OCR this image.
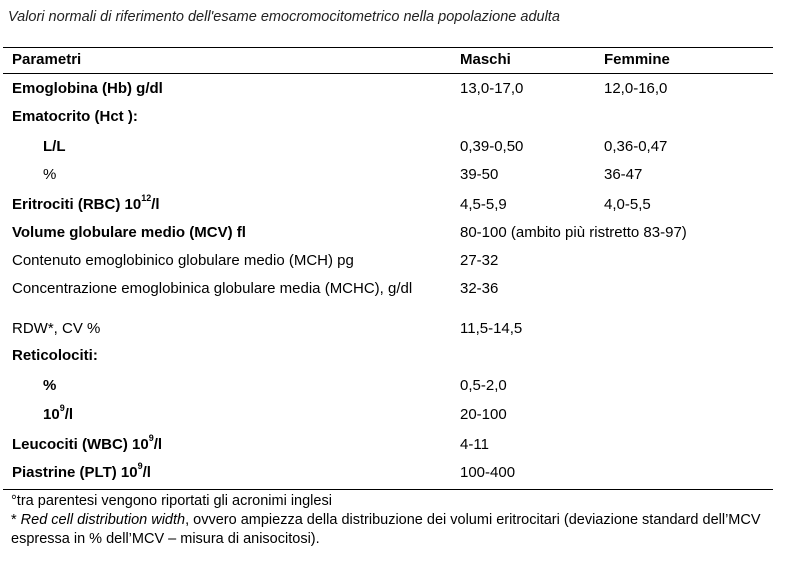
Valori normali di riferimento dell'esame emocromocitometrico nella popolazione adulta
Parametri	Maschi	Femmine
Emoglobina (Hb) g/dl	13,0-17,0	12,0-16,0
Ematocrito (Hct ):
L/L	0,39-0,50	0,36-0,47
%	39-50	36-47
Eritrociti (RBC) $10^{12}/l$	4,5-5,9	4,0-5,5
Volume globulare medio (MCV) fl	80-100 (ambito più ristretto 83-97)
Contenuto emoglobinico globulare medio (MCH) pg	27-32
Concentrazione emoglobinica globulare media (MCHC), g/dl	32-36
RDW*, CV %	11,5-14,5
Reticolociti:
%	0,5-2,0
$10^9/l$	20-100
Leucociti (WBC) $10^9/l$	4-11
Piastrine (PLT) $10^9/l$	100-400

°tra parentesi vengono riportati gli acronimi inglesi

* Red cell distribution width, ovvero ampiezza della distribuzione dei volumi eritrocitari (deviazione standard dell’MCV espressa in % dell’MCV – misura di anisocitosi).
